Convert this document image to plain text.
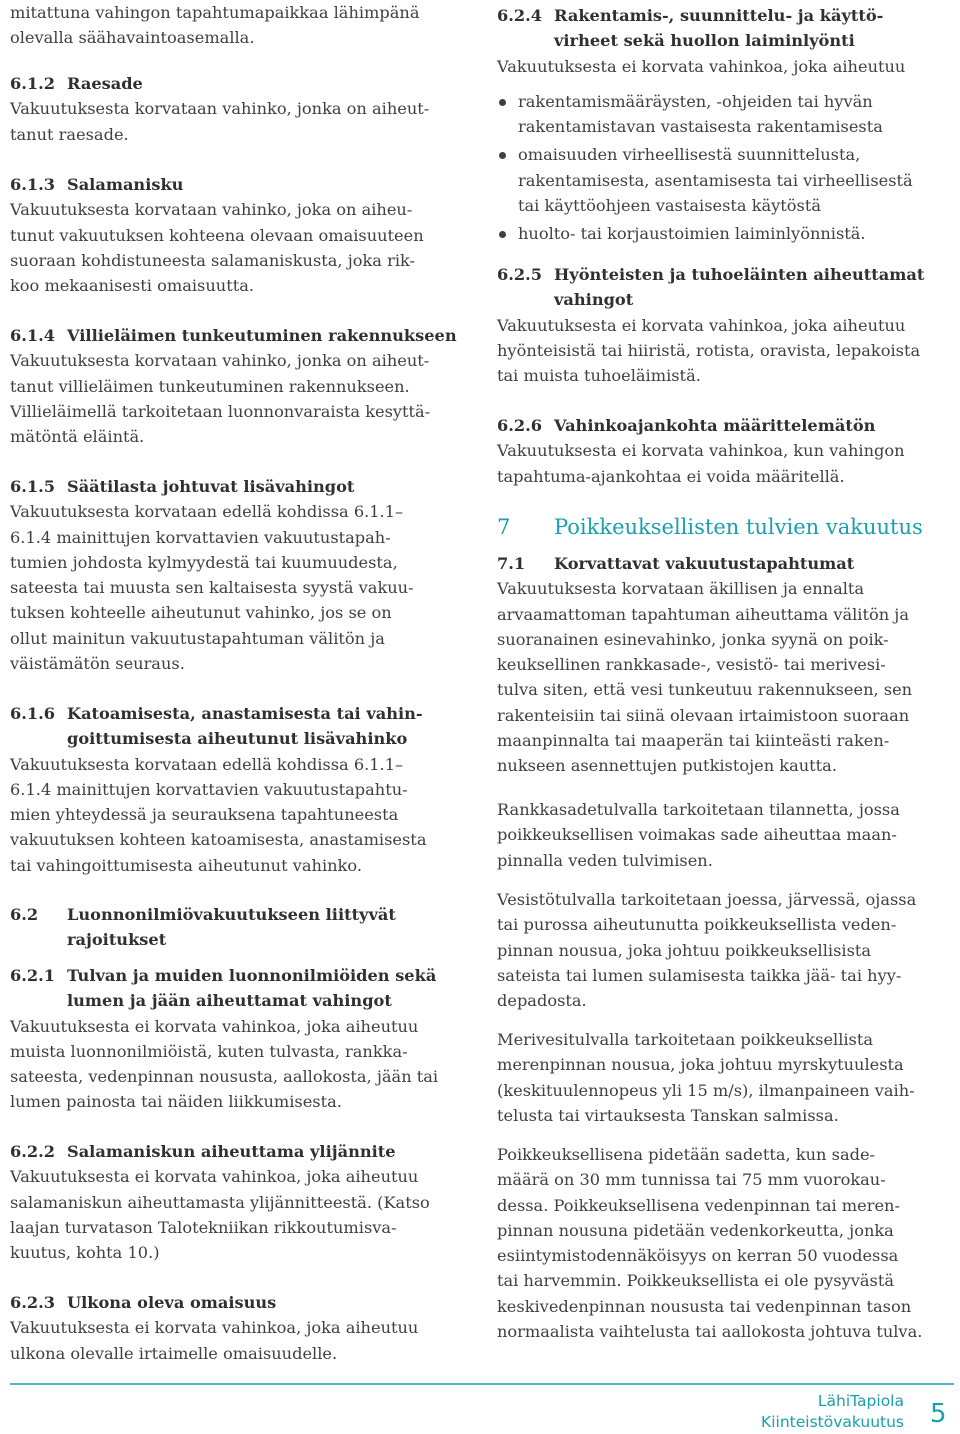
mitattuna vahingon tapahtumapaikkaa lähimpänä
olevalla säähavaintoasemalla.
6.1.2 Raesade
Vakuutuksesta korvataan vahinko, jonka on aiheut-
tanut raesade.
6.1.3 Salamanisku
Vakuutuksesta korvataan vahinko, joka on aiheu-
tunut vakuutuksen kohteena olevaan omaisuuteen
suoraan kohdistuneesta salamaniskusta, joka rik-
koo mekaanisesti omaisuutta.
6.1.4 Villieläimen tunkeutuminen rakennukseen
Vakuutuksesta korvataan vahinko, jonka on aiheut-
tanut villieläimen tunkeutuminen rakennukseen.
Villieläimellä tarkoitetaan luonnonvaraista kesyttä-
mätöntä eläintä.
6.1.5 Säätilasta johtuvat lisävahingot
Vakuutuksesta korvataan edellä kohdissa 6.1.1–
6.1.4 mainittujen korvattavien vakuutustapah-
tumien johdosta kylmyydestä tai kuumuudesta,
sateesta tai muusta sen kaltaisesta syystä vakuu-
tuksen kohteelle aiheutunut vahinko, jos se on
ollut mainitun vakuutustapahtuman välitön ja
väistämätön seuraus.
6.1.6 Katoamisesta, anastamisesta tai vahin-
goittumisesta aiheutunut lisävahinko
Vakuutuksesta korvataan edellä kohdissa 6.1.1–
6.1.4 mainittujen korvattavien vakuutustapahtu-
mien yhteydessä ja seurauksena tapahtuneesta
vakuutuksen kohteen katoamisesta, anastamisesta
tai vahingoittumisesta aiheutunut vahinko.
6.2	Luonnonilmiövakuutukseen liittyvät
rajoitukset
6.2.1 Tulvan ja muiden luonnonilmiöiden sekä
lumen ja jään aiheuttamat vahingot
Vakuutuksesta ei korvata vahinkoa, joka aiheutuu
muista luonnonilmiöistä, kuten tulvasta, rankka-
sateesta, vedenpinnan noususta, aallokosta, jään tai
lumen painosta tai näiden liikkumisesta.
6.2.2 Salamaniskun aiheuttama ylijännite
Vakuutuksesta ei korvata vahinkoa, joka aiheutuu
salamaniskun aiheuttamasta ylijännitteestä. (Katso
laajan turvatason Talotekniikan rikkoutumisva-
kuutus, kohta 10.)
6.2.3 Ulkona oleva omaisuus
Vakuutuksesta ei korvata vahinkoa, joka aiheutuu
ulkona olevalle irtaimelle omaisuudelle.
6.2.4 Rakentamis-, suunnittelu- ja käyttö-
virheet sekä huollon laiminlyönti
Vakuutuksesta ei korvata vahinkoa, joka aiheutuu
rakentamismääräysten, -ohjeiden tai hyvän
rakentamistavan vastaisesta rakentamisesta
omaisuuden virheellisestä suunnittelusta,
rakentamisesta, asentamisesta tai virheellisestä
tai käyttöohjeen vastaisesta käytöstä
huolto- tai korjaustoimien laiminlyönnistä.
6.2.5 Hyönteisten ja tuhoeläinten aiheuttamat
vahingot
Vakuutuksesta ei korvata vahinkoa, joka aiheutuu
hyönteisistä tai hiiristä, rotista, oravista, lepakoista
tai muista tuhoeläimistä.
6.2.6 Vahinkoajankohta määrittelemätön
Vakuutuksesta ei korvata vahinkoa, kun vahingon
tapahtuma-ajankohtaa ei voida määritellä.
7	Poikkeuksellisten tulvien vakuutus
7.1	Korvattavat vakuutustapahtumat
Vakuutuksesta korvataan äkillisen ja ennalta
arvaamattoman tapahtuman aiheuttama välitön ja
suoranainen esinevahinko, jonka syynä on poik-
keuksellinen rankkasade-, vesistö- tai merivesi-
tulva siten, että vesi tunkeutuu rakennukseen, sen
rakenteisiin tai siinä olevaan irtaimistoon suoraan
maanpinnalta tai maaperän tai kiinteästi raken-
nukseen asennettujen putkistojen kautta.
Rankkasadetulvalla tarkoitetaan tilannetta, jossa
poikkeuksellisen voimakas sade aiheuttaa maan-
pinnalla veden tulvimisen.
Vesistötulvalla tarkoitetaan joessa, järvessä, ojassa
tai purossa aiheutunutta poikkeuksellista veden-
pinnan nousua, joka johtuu poikkeuksellisista
sateista tai lumen sulamisesta taikka jää- tai hyy-
depadosta.
Merivesitulvalla tarkoitetaan poikkeuksellista
merenpinnan nousua, joka johtuu myrskytuulesta
(keskituulennopeus yli 15 m/s), ilmanpaineen vaih-
telusta tai virtauksesta Tanskan salmissa.
Poikkeuksellisena pidetään sadetta, kun sade-
määrä on 30 mm tunnissa tai 75 mm vuorokau-
dessa. Poikkeuksellisena vedenpinnan tai meren-
pinnan nousuna pidetään vedenkorkeutta, jonka
esiintymistodennäköisyys on kerran 50 vuodessa
tai harvemmin. Poikkeuksellista ei ole pysyvästä
keskivedenpinnan noususta tai vedenpinnan tason
normaalista vaihtelusta tai aallokosta johtuva tulva.
LähiTapiola
Kiinteistövakuutus 5
